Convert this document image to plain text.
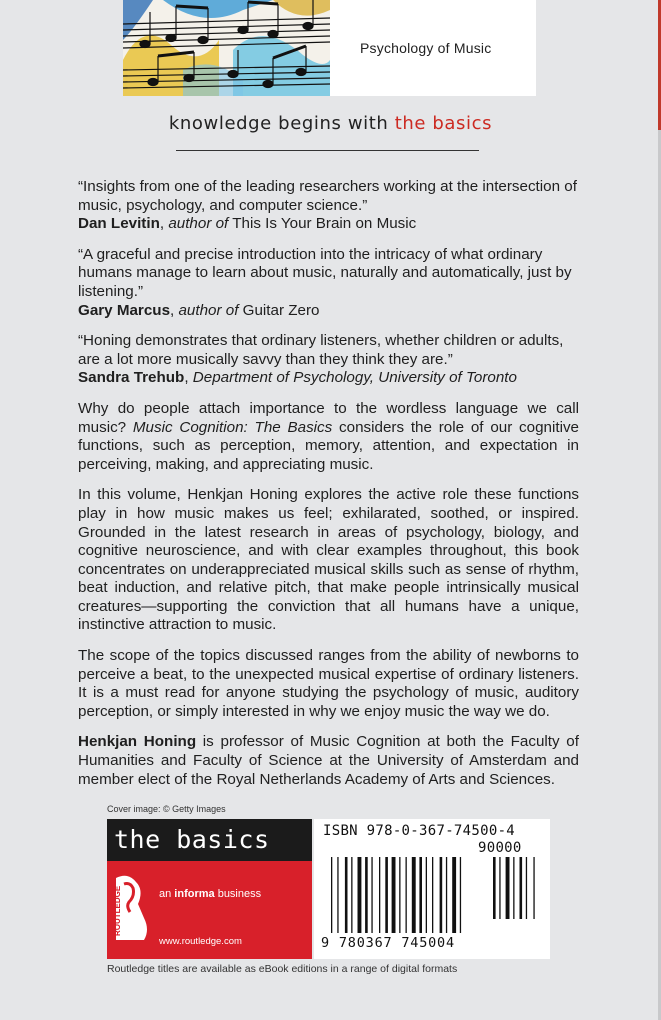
Psychology of Music
knowledge begins with the basics

“Insights from one of the leading researchers working at the intersection of music, psychology, and computer science.”

Dan Levitin, author of This Is Your Brain on Music

“A graceful and precise introduction into the intricacy of what ordinary humans manage to learn about music, naturally and automatically, just by listening.”

Gary Marcus, author of Guitar Zero

“Honing demonstrates that ordinary listeners, whether children or adults, are a lot more musically savvy than they think they are.”

Sandra Trehub, Department of Psychology, University of Toronto

Why do people attach importance to the wordless language we call music? Music Cognition: The Basics considers the role of our cognitive functions, such as perception, memory, attention, and expectation in perceiving, making, and appreciating music.

In this volume, Henkjan Honing explores the active role these functions play in how music makes us feel; exhilarated, soothed, or inspired. Grounded in the latest research in areas of psychology, biology, and cognitive neuroscience, and with clear examples throughout, this book concentrates on underappreciated musical skills such as sense of rhythm, beat induction, and relative pitch, that make people intrinsically musical creatures—supporting the conviction that all humans have a unique, instinctive attraction to music.

The scope of the topics discussed ranges from the ability of newborns to perceive a beat, to the unexpected musical expertise of ordinary listeners. It is a must read for anyone studying the psychology of music, auditory perception, or simply interested in why we enjoy music the way we do.

Henkjan Honing is professor of Music Cognition at both the Faculty of Humanities and Faculty of Science at the University of Amsterdam and member elect of the Royal Netherlands Academy of Arts and Sciences.

Cover image: © Getty Images
the basics
ROUTLEDGE	an informa business
www.routledge.com
ISBN 978-0-367-74500-4
90000
9 780367 745004
Routledge titles are available as eBook editions in a range of digital formats
